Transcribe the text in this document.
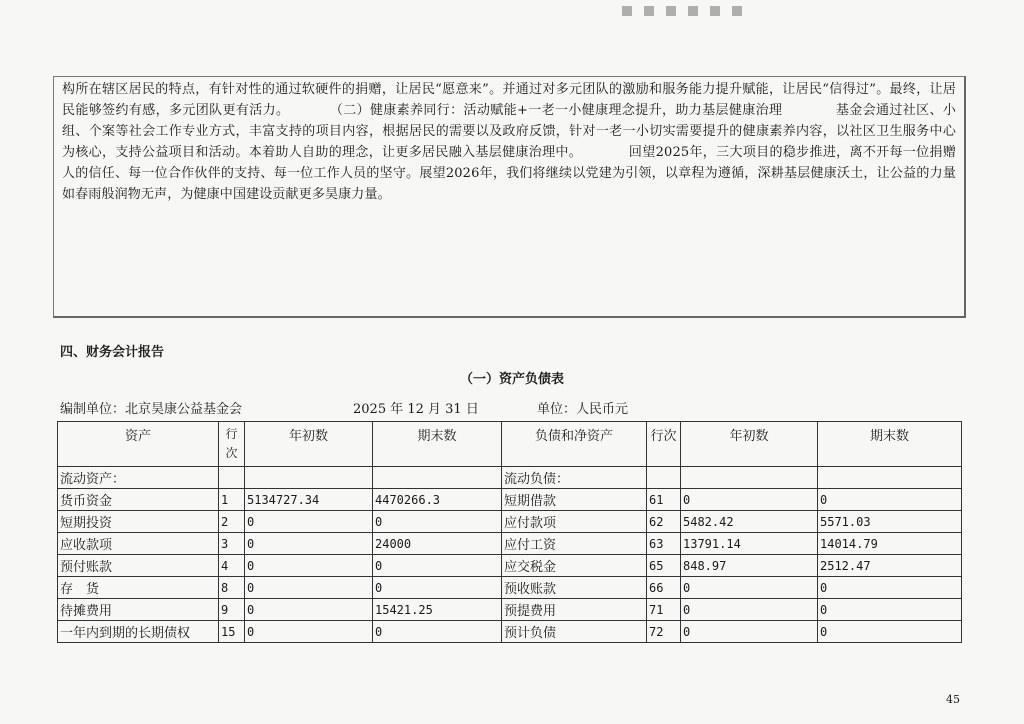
构所在辖区居民的特点，有针对性的通过软硬件的捐赠，让居民“愿意来”。并通过对多元团队的激励和服务能力提升赋能，让居民“信得过”。最终，让居民能够签约有感，多元团队更有活力。　　　　（二）健康素养同行：活动赋能+一老一小健康理念提升，助力基层健康治理　　　　基金会通过社区、小组、个案等社会工作专业方式，丰富支持的项目内容，根据居民的需要以及政府反馈，针对一老一小切实需要提升的健康素养内容，以社区卫生服务中心为核心，支持公益项目和活动。本着助人自助的理念，让更多居民融入基层健康治理中。　　　　回望2025年，三大项目的稳步推进，离不开每一位捐赠人的信任、每一位合作伙伴的支持、每一位工作人员的坚守。展望2026年，我们将继续以党建为引领，以章程为遵循，深耕基层健康沃土，让公益的力量如春雨般润物无声，为健康中国建设贡献更多昊康力量。

四、财务会计报告
（一）资产负债表
编制单位：北京昊康公益基金会	2025 年 12 月 31 日	单位：人民币元
资产	行次	年初数	期末数	负债和净资产	行次	年初数	期末数
流动资产：				流动负债：			
货币资金	1	5134727.34	4470266.3	短期借款	61	0	0
短期投资	2	0	0	应付款项	62	5482.42	5571.03
应收款项	3	0	24000	应付工资	63	13791.14	14014.79
预付账款	4	0	0	应交税金	65	848.97	2512.47
存　货	8	0	0	预收账款	66	0	0
待摊费用	9	0	15421.25	预提费用	71	0	0
一年内到期的长期债权	15	0	0	预计负债	72	0	0
45
